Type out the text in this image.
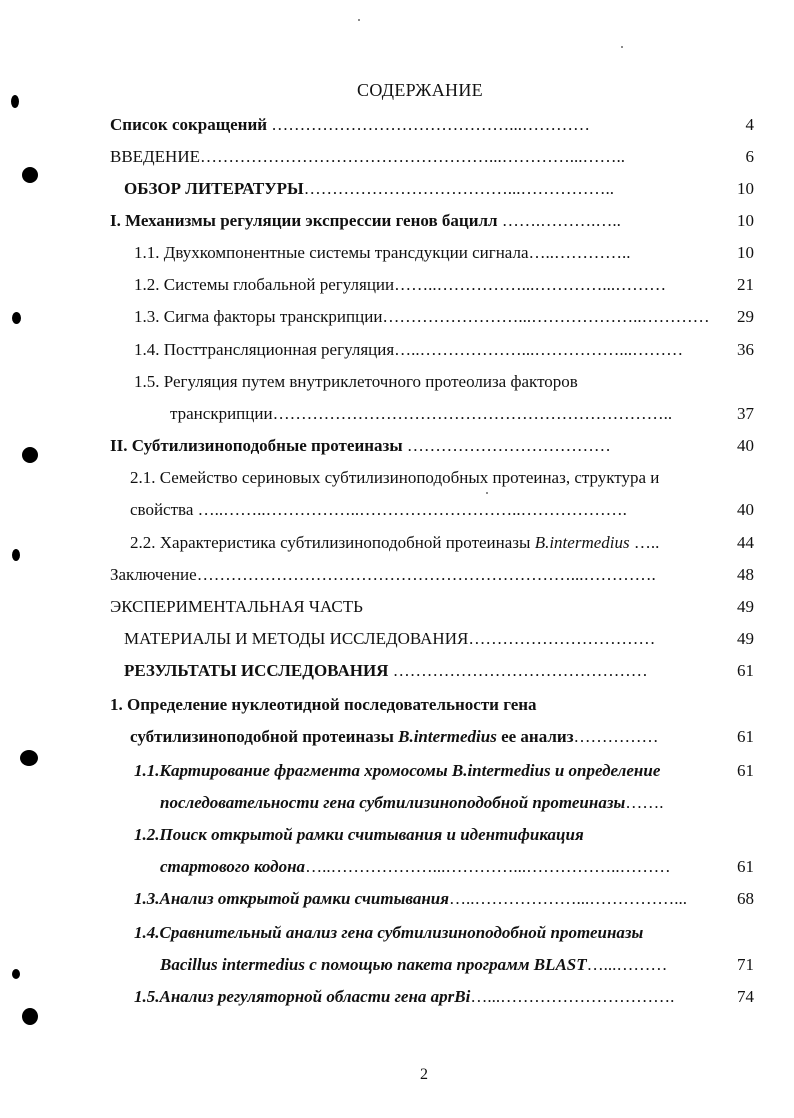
СОДЕРЖАНИЕ
Список сокращений ……………………………………...…………	4
ВВЕДЕНИЕ……………………………………………...…………...……..	6
ОБЗОР ЛИТЕРАТУРЫ………………………………...……………..	10
I. Механизмы регуляции экспрессии генов бацилл …….……….…..	10
1.1. Двухкомпонентные системы трансдукции сигнала…..…………..	10
1.2. Системы глобальной регуляции……..……………...…………...………	21
1.3. Сигма факторы транскрипции……………………...………………..…………	29
1.4. Посттрансляционная регуляция…..………………...……………...………	36
1.5. Регуляция путем внутриклеточного протеолиза факторов
транскрипции……………………………………………………………..	37
II. Субтилизиноподобные протеиназы ………………………………	40
2.1. Семейство сериновых субтилизиноподобных протеиназ, структура и
свойства …..……..……………..………………………..……………….	40
2.2. Характеристика субтилизиноподобной протеиназы B.intermedius …..	44
Заключение…………………………………………………………...………….	48
ЭКСПЕРИМЕНТАЛЬНАЯ ЧАСТЬ	49
МАТЕРИАЛЫ И МЕТОДЫ ИССЛЕДОВАНИЯ……………………………	49
РЕЗУЛЬТАТЫ ИССЛЕДОВАНИЯ ………………………………………	61
1. Определение нуклеотидной последовательности гена
субтилизиноподобной протеиназы B.intermedius ее анализ……………	61
1.1.Картирование фрагмента хромосомы B.intermedius и определение	61
последовательности гена субтилизиноподобной протеиназы…….
1.2.Поиск открытой рамки считывания и идентификация
стартового кодона…..………………...…………...……………..………	61
1.3.Анализ открытой рамки считывания…..………………...……………...	68
1.4.Сравнительный анализ гена субтилизиноподобной протеиназы
Bacillus intermedius с помощью пакета программ BLAST…...………	71
1.5.Анализ регуляторной области гена aprBi…...………………………….	74
2
